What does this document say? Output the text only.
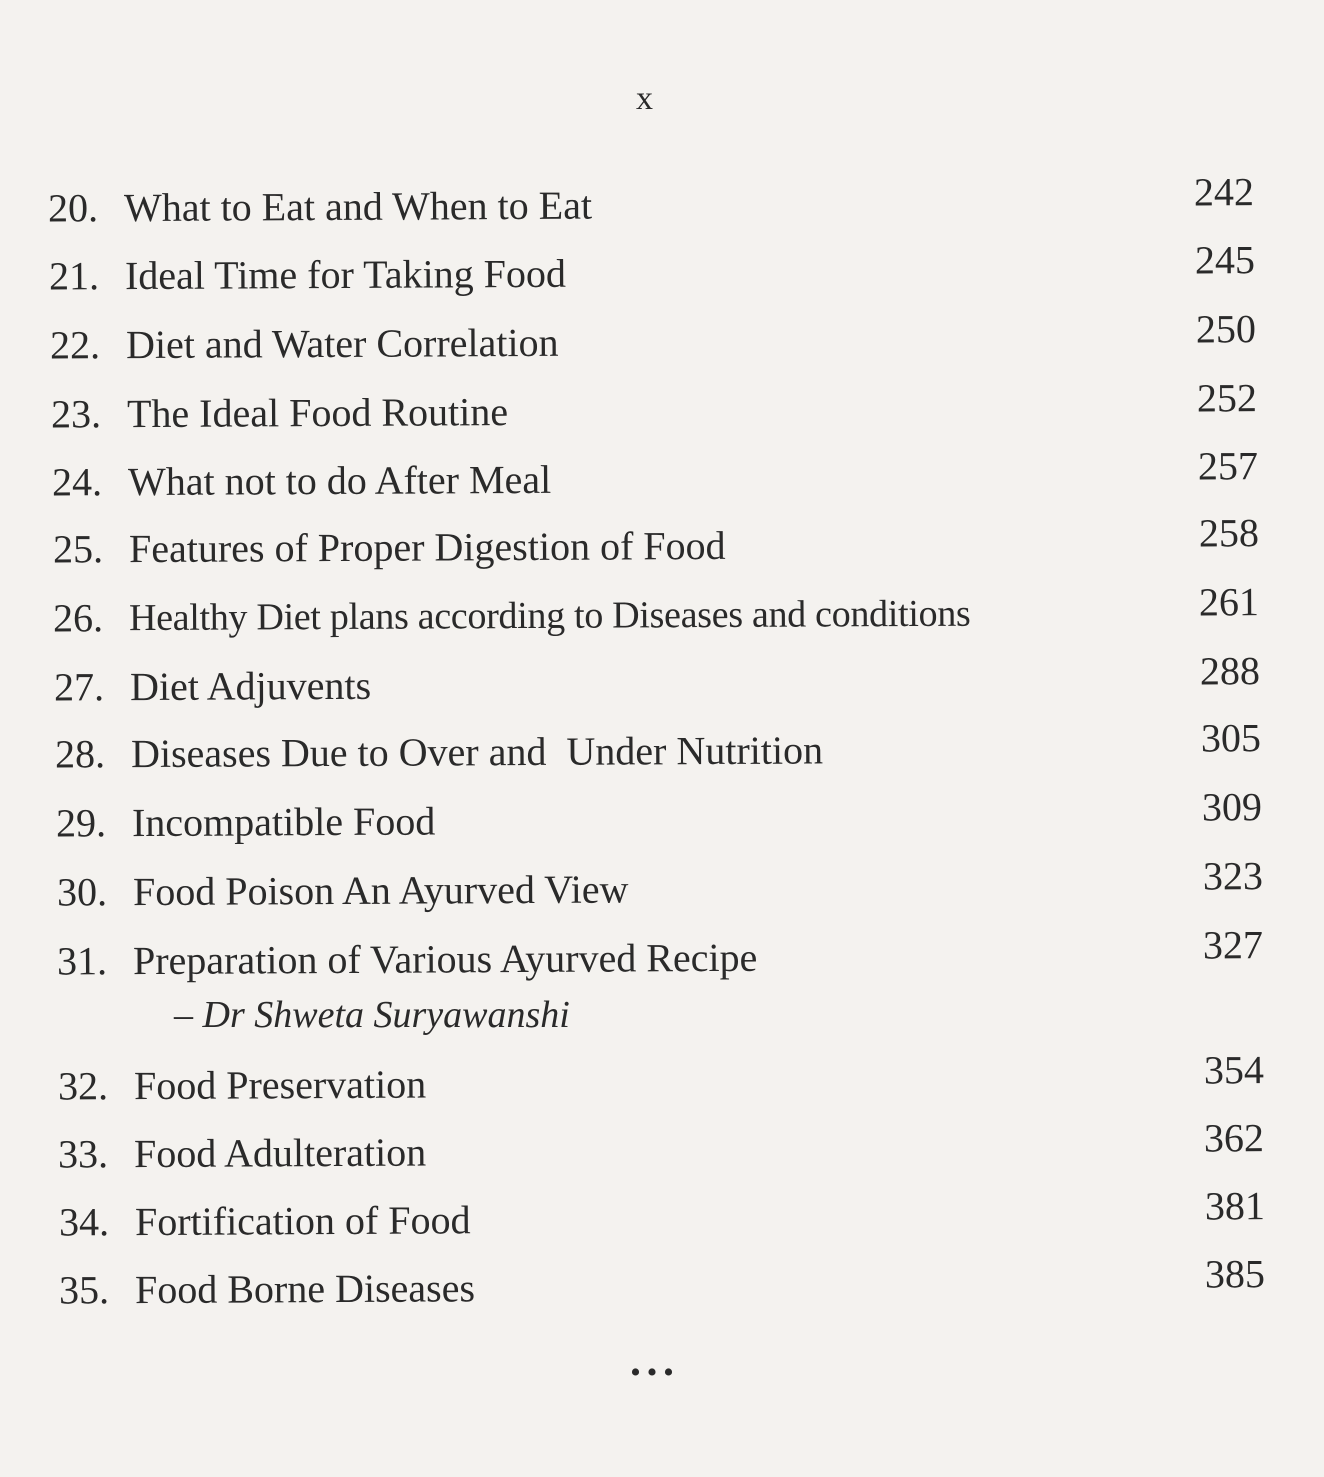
x
20. What to Eat and When to Eat	242
21. Ideal Time for Taking Food	245
22. Diet and Water Correlation	250
23. The Ideal Food Routine	252
24. What not to do After Meal	257
25. Features of Proper Digestion of Food	258
26. Healthy Diet plans according to Diseases and conditions	261
27. Diet Adjuvents	288
28. Diseases Due to Over and  Under Nutrition	305
29. Incompatible Food	309
30. Food Poison An Ayurved View	323
31. Preparation of Various Ayurved Recipe	327
– Dr Shweta Suryawanshi
32. Food Preservation	354
33. Food Adulteration	362
34. Fortification of Food	381
35. Food Borne Diseases	385
•••
